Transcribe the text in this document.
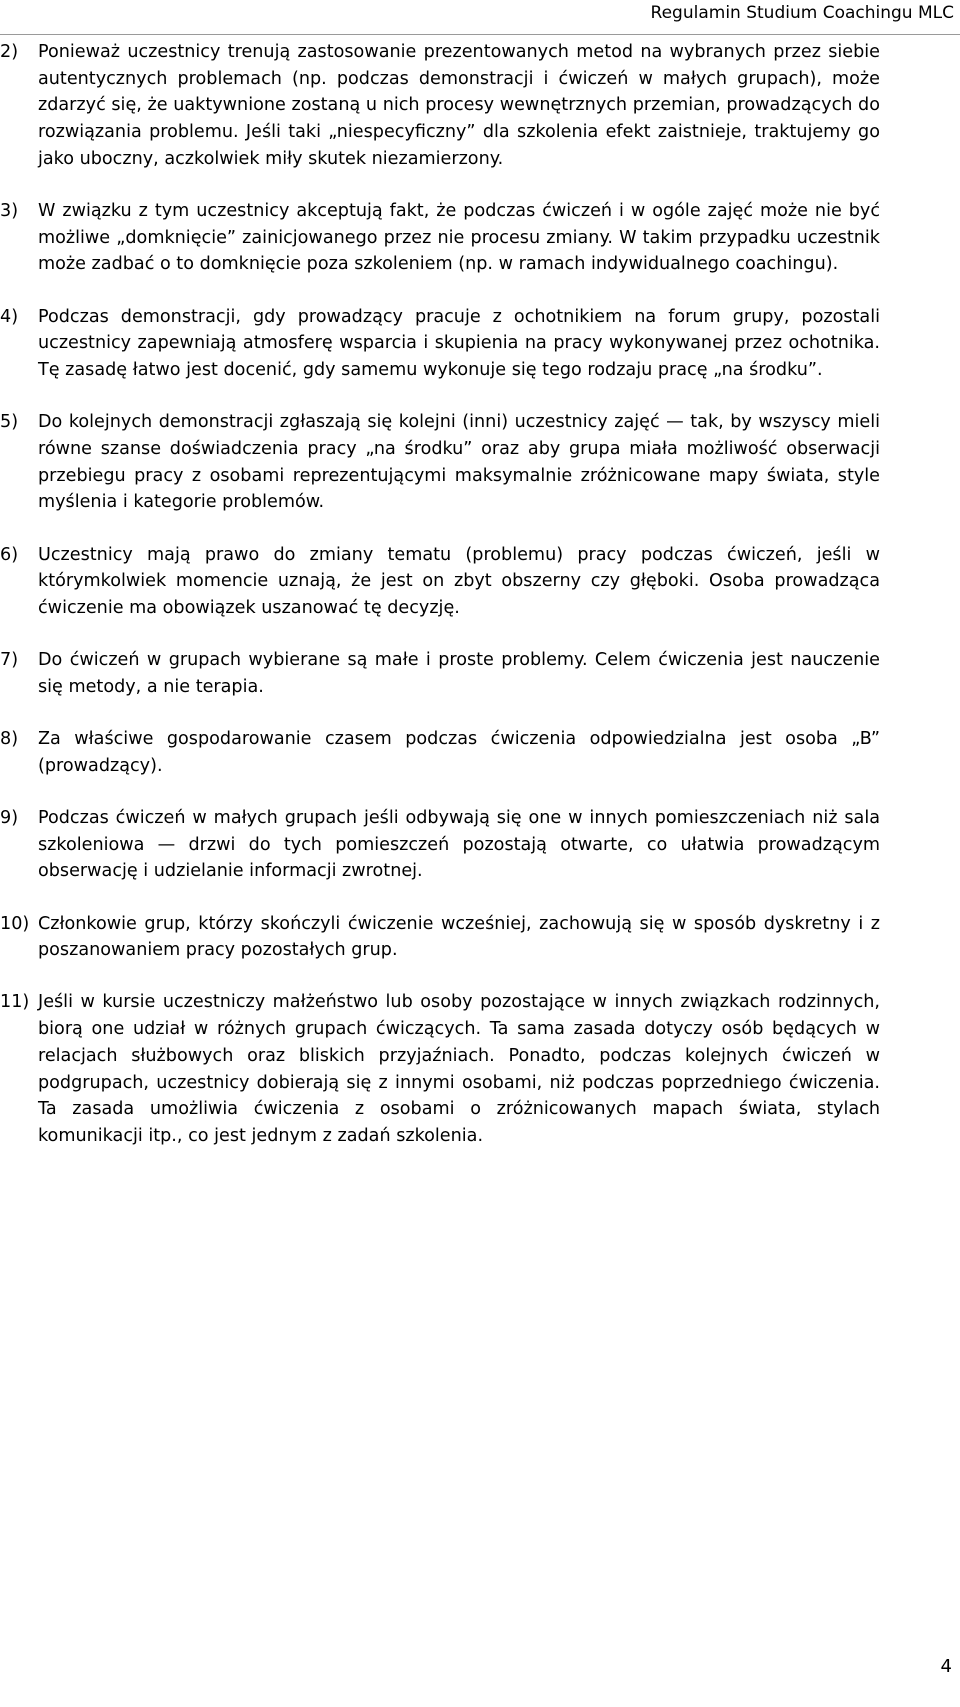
Regulamin Studium Coachingu MLC
2) Ponieważ uczestnicy trenują zastosowanie prezentowanych metod na wybranych przez siebie autentycznych problemach (np. podczas demonstracji i ćwiczeń w małych grupach), może zdarzyć się, że uaktywnione zostaną u nich procesy wewnętrznych przemian, prowadzących do rozwiązania problemu. Jeśli taki „niespecyficzny” dla szkolenia efekt zaistnieje, traktujemy go jako uboczny, aczkolwiek miły skutek niezamierzony.
3) W związku z tym uczestnicy akceptują fakt, że podczas ćwiczeń i w ogóle zajęć może nie być możliwe „domknięcie” zainicjowanego przez nie procesu zmiany. W takim przypadku uczestnik może zadbać o to domknięcie poza szkoleniem (np. w ramach indywidualnego coachingu).
4) Podczas demonstracji, gdy prowadzący pracuje z ochotnikiem na forum grupy, pozostali uczestnicy zapewniają atmosferę wsparcia i skupienia na pracy wykonywanej przez ochotnika. Tę zasadę łatwo jest docenić, gdy samemu wykonuje się tego rodzaju pracę „na środku”.
5) Do kolejnych demonstracji zgłaszają się kolejni (inni) uczestnicy zajęć — tak, by wszyscy mieli równe szanse doświadczenia pracy „na środku” oraz aby grupa miała możliwość obserwacji przebiegu pracy z osobami reprezentującymi maksymalnie zróżnicowane mapy świata, style myślenia i kategorie problemów.
6) Uczestnicy mają prawo do zmiany tematu (problemu) pracy podczas ćwiczeń, jeśli w którymkolwiek momencie uznają, że jest on zbyt obszerny czy głęboki. Osoba prowadząca ćwiczenie ma obowiązek uszanować tę decyzję.
7) Do ćwiczeń w grupach wybierane są małe i proste problemy. Celem ćwiczenia jest nauczenie się metody, a nie terapia.
8) Za właściwe gospodarowanie czasem podczas ćwiczenia odpowiedzialna jest osoba „B” (prowadzący).
9) Podczas ćwiczeń w małych grupach jeśli odbywają się one w innych pomieszczeniach niż sala szkoleniowa — drzwi do tych pomieszczeń pozostają otwarte, co ułatwia prowadzącym obserwację i udzielanie informacji zwrotnej.
10) Członkowie grup, którzy skończyli ćwiczenie wcześniej, zachowują się w sposób dyskretny i z poszanowaniem pracy pozostałych grup.
11) Jeśli w kursie uczestniczy małżeństwo lub osoby pozostające w innych związkach rodzinnych, biorą one udział w różnych grupach ćwiczących. Ta sama zasada dotyczy osób będących w relacjach służbowych oraz bliskich przyjaźniach. Ponadto, podczas kolejnych ćwiczeń w podgrupach, uczestnicy dobierają się z innymi osobami, niż podczas poprzedniego ćwiczenia. Ta zasada umożliwia ćwiczenia z osobami o zróżnicowanych mapach świata, stylach komunikacji itp., co jest jednym z zadań szkolenia.
4
